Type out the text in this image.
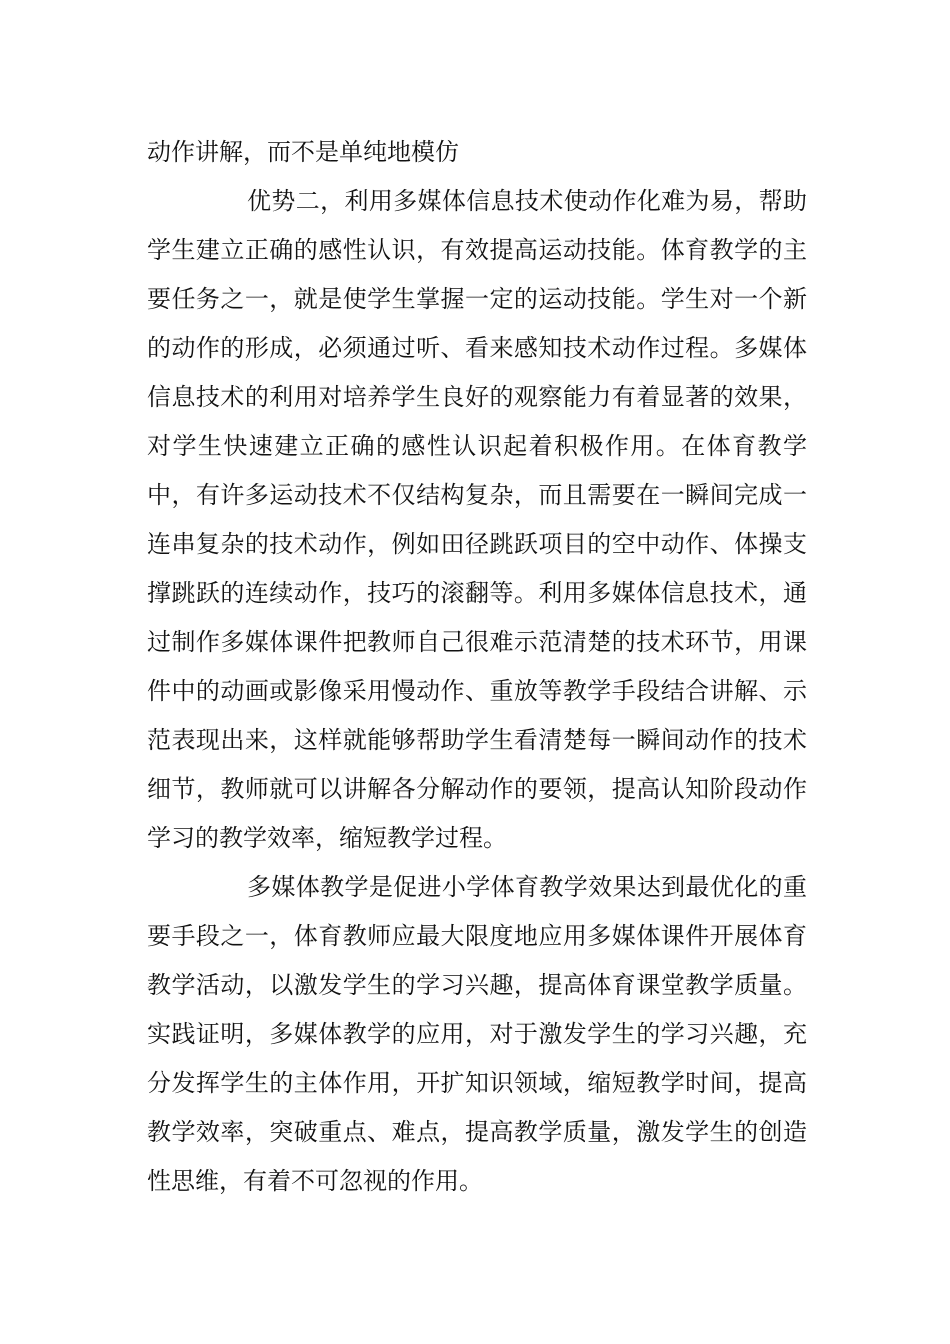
动作讲解，而不是单纯地模仿

优势二，利用多媒体信息技术使动作化难为易，帮助学生建立正确的感性认识，有效提高运动技能。体育教学的主要任务之一，就是使学生掌握一定的运动技能。学生对一个新的动作的形成，必须通过听、看来感知技术动作过程。多媒体信息技术的利用对培养学生良好的观察能力有着显著的效果，对学生快速建立正确的感性认识起着积极作用。在体育教学中，有许多运动技术不仅结构复杂，而且需要在一瞬间完成一连串复杂的技术动作，例如田径跳跃项目的空中动作、体操支撑跳跃的连续动作，技巧的滚翻等。利用多媒体信息技术，通过制作多媒体课件把教师自己很难示范清楚的技术环节，用课件中的动画或影像采用慢动作、重放等教学手段结合讲解、示范表现出来，这样就能够帮助学生看清楚每一瞬间动作的技术细节，教师就可以讲解各分解动作的要领，提高认知阶段动作学习的教学效率，缩短教学过程。

多媒体教学是促进小学体育教学效果达到最优化的重要手段之一，体育教师应最大限度地应用多媒体课件开展体育教学活动，以激发学生的学习兴趣，提高体育课堂教学质量。实践证明，多媒体教学的应用，对于激发学生的学习兴趣，充分发挥学生的主体作用，开扩知识领域，缩短教学时间，提高教学效率，突破重点、难点，提高教学质量，激发学生的创造性思维，有着不可忽视的作用。
